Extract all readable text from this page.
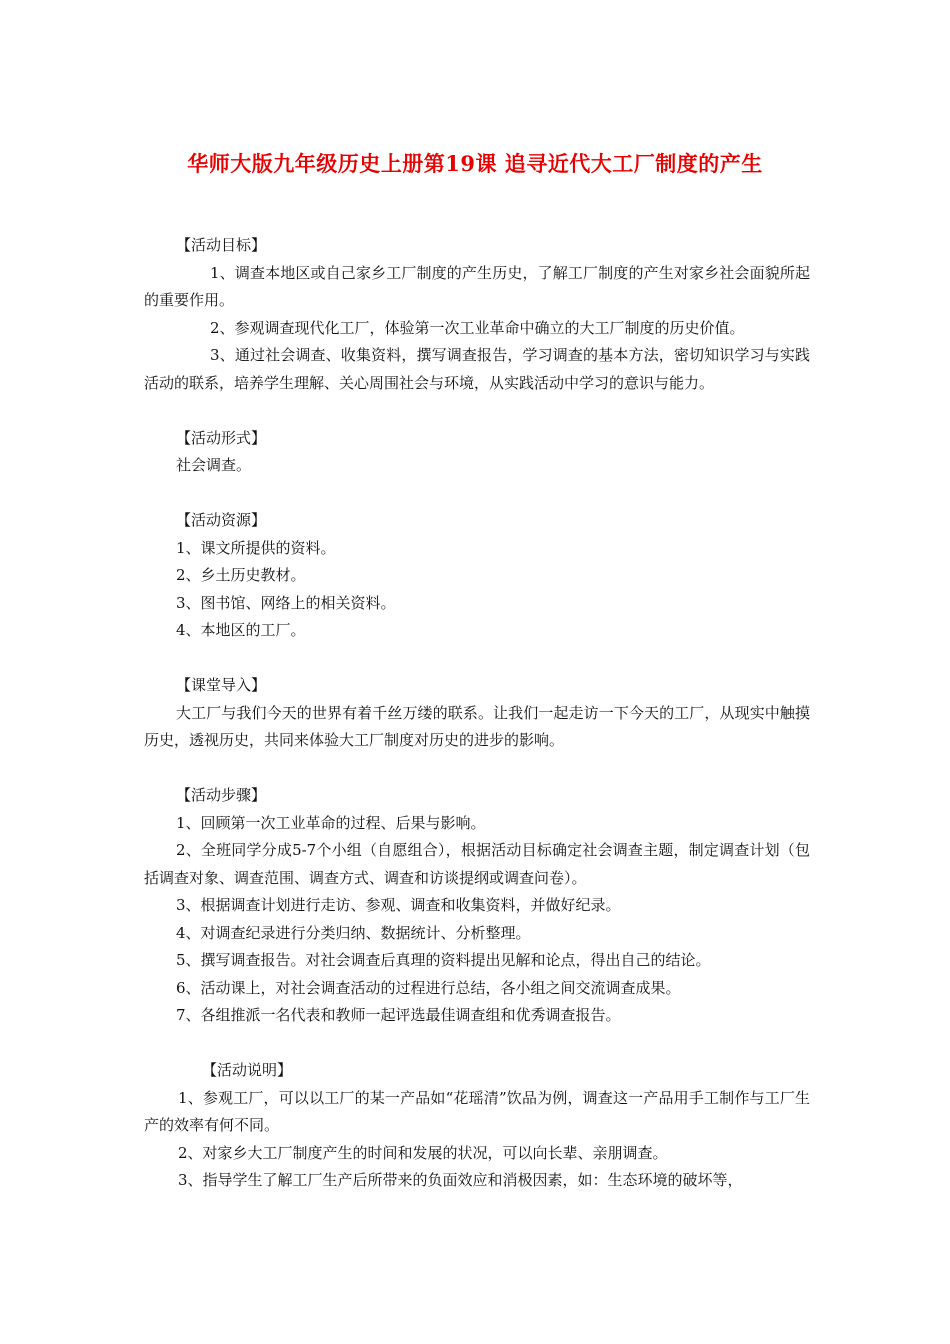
华师大版九年级历史上册第19课 追寻近代大工厂制度的产生
【活动目标】

1、调查本地区或自己家乡工厂制度的产生历史，了解工厂制度的产生对家乡社会面貌所起的重要作用。

2、参观调查现代化工厂，体验第一次工业革命中确立的大工厂制度的历史价值。

3、通过社会调查、收集资料，撰写调查报告，学习调查的基本方法，密切知识学习与实践活动的联系，培养学生理解、关心周围社会与环境，从实践活动中学习的意识与能力。

【活动形式】

社会调查。

【活动资源】

1、课文所提供的资料。

2、乡土历史教材。

3、图书馆、网络上的相关资料。

4、本地区的工厂。

【课堂导入】

大工厂与我们今天的世界有着千丝万缕的联系。让我们一起走访一下今天的工厂，从现实中触摸历史，透视历史，共同来体验大工厂制度对历史的进步的影响。

【活动步骤】

1、回顾第一次工业革命的过程、后果与影响。

2、全班同学分成5-7个小组（自愿组合），根据活动目标确定社会调查主题，制定调查计划（包括调查对象、调查范围、调查方式、调查和访谈提纲或调查问卷）。

3、根据调查计划进行走访、参观、调查和收集资料，并做好纪录。

4、对调查纪录进行分类归纳、数据统计、分析整理。

5、撰写调查报告。对社会调查后真理的资料提出见解和论点，得出自己的结论。

6、活动课上，对社会调查活动的过程进行总结，各小组之间交流调查成果。

7、各组推派一名代表和教师一起评选最佳调查组和优秀调查报告。

【活动说明】

1、参观工厂，可以以工厂的某一产品如“花瑶清”饮品为例，调查这一产品用手工制作与工厂生产的效率有何不同。

2、对家乡大工厂制度产生的时间和发展的状况，可以向长辈、亲朋调查。

3、指导学生了解工厂生产后所带来的负面效应和消极因素，如：生态环境的破坏等，
